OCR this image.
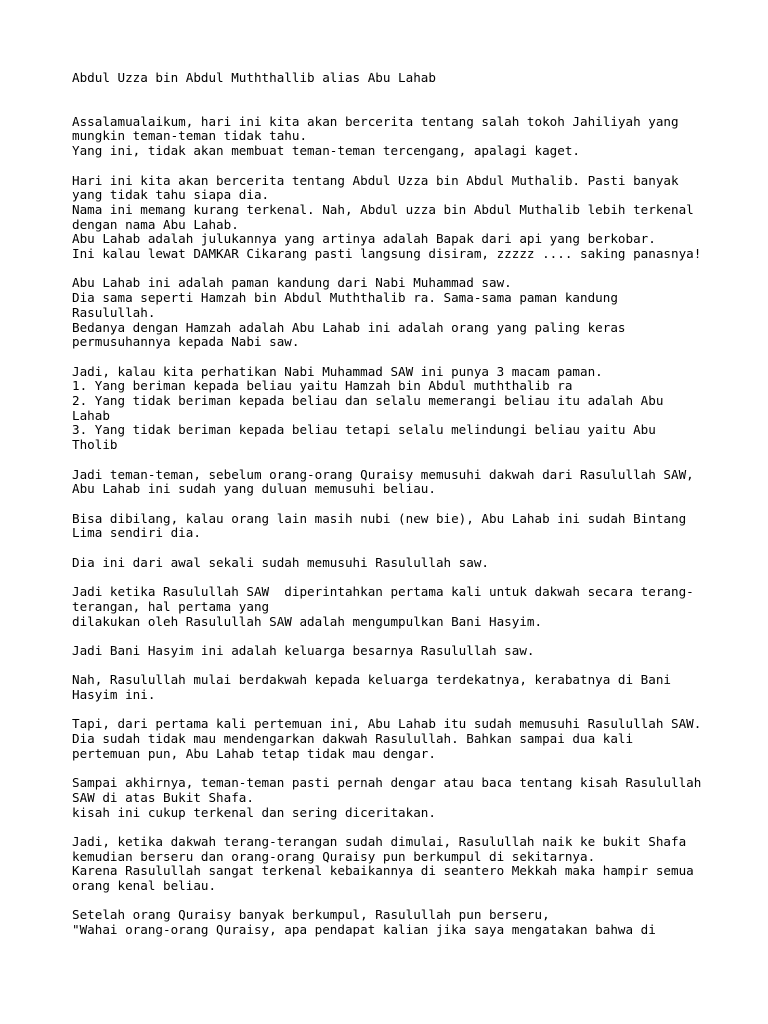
Abdul Uzza bin Abdul Muththallib alias Abu Lahab
Assalamualaikum, hari ini kita akan bercerita tentang salah tokoh Jahiliyah yang
mungkin teman-teman tidak tahu.
Yang ini, tidak akan membuat teman-teman tercengang, apalagi kaget.
Hari ini kita akan bercerita tentang Abdul Uzza bin Abdul Muthalib. Pasti banyak
yang tidak tahu siapa dia.
Nama ini memang kurang terkenal. Nah, Abdul uzza bin Abdul Muthalib lebih terkenal
dengan nama Abu Lahab.
Abu Lahab adalah julukannya yang artinya adalah Bapak dari api yang berkobar.
Ini kalau lewat DAMKAR Cikarang pasti langsung disiram, zzzzz .... saking panasnya!
Abu Lahab ini adalah paman kandung dari Nabi Muhammad saw.
Dia sama seperti Hamzah bin Abdul Muththalib ra. Sama-sama paman kandung
Rasulullah.
Bedanya dengan Hamzah adalah Abu Lahab ini adalah orang yang paling keras
permusuhannya kepada Nabi saw.
Jadi, kalau kita perhatikan Nabi Muhammad SAW ini punya 3 macam paman.
1. Yang beriman kepada beliau yaitu Hamzah bin Abdul muththalib ra
2. Yang tidak beriman kepada beliau dan selalu memerangi beliau itu adalah Abu
Lahab
3. Yang tidak beriman kepada beliau tetapi selalu melindungi beliau yaitu Abu
Tholib
Jadi teman-teman, sebelum orang-orang Quraisy memusuhi dakwah dari Rasulullah SAW,
Abu Lahab ini sudah yang duluan memusuhi beliau.
Bisa dibilang, kalau orang lain masih nubi (new bie), Abu Lahab ini sudah Bintang
Lima sendiri dia.
Dia ini dari awal sekali sudah memusuhi Rasulullah saw.
Jadi ketika Rasulullah SAW  diperintahkan pertama kali untuk dakwah secara terang-
terangan, hal pertama yang
dilakukan oleh Rasulullah SAW adalah mengumpulkan Bani Hasyim.
Jadi Bani Hasyim ini adalah keluarga besarnya Rasulullah saw.
Nah, Rasulullah mulai berdakwah kepada keluarga terdekatnya, kerabatnya di Bani
Hasyim ini.
Tapi, dari pertama kali pertemuan ini, Abu Lahab itu sudah memusuhi Rasulullah SAW.
Dia sudah tidak mau mendengarkan dakwah Rasulullah. Bahkan sampai dua kali
pertemuan pun, Abu Lahab tetap tidak mau dengar.
Sampai akhirnya, teman-teman pasti pernah dengar atau baca tentang kisah Rasulullah
SAW di atas Bukit Shafa.
kisah ini cukup terkenal dan sering diceritakan.
Jadi, ketika dakwah terang-terangan sudah dimulai, Rasulullah naik ke bukit Shafa
kemudian berseru dan orang-orang Quraisy pun berkumpul di sekitarnya.
Karena Rasulullah sangat terkenal kebaikannya di seantero Mekkah maka hampir semua
orang kenal beliau.
Setelah orang Quraisy banyak berkumpul, Rasulullah pun berseru,
"Wahai orang-orang Quraisy, apa pendapat kalian jika saya mengatakan bahwa di
